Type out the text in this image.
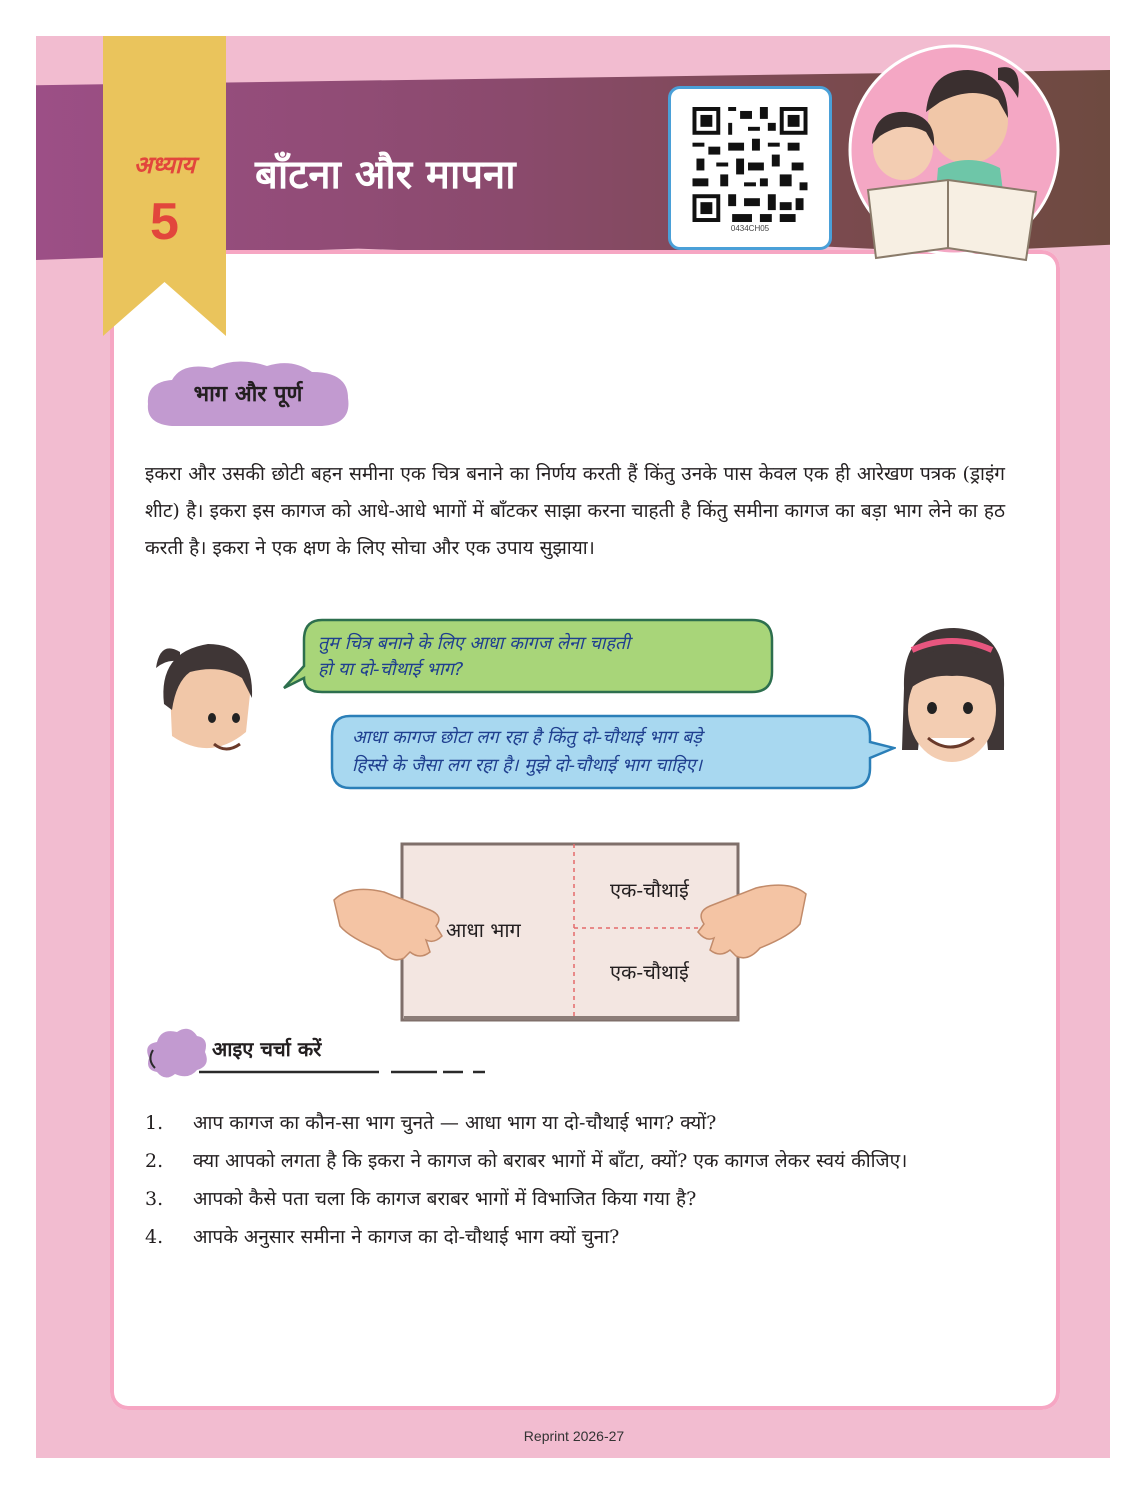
अध्याय
5
बाँटना और मापना
0434CH05
भाग और पूर्ण
इकरा और उसकी छोटी बहन समीना एक चित्र बनाने का निर्णय करती हैं किंतु उनके पास केवल एक ही आरेखण पत्रक (ड्राइंग शीट) है। इकरा इस कागज को आधे-आधे भागों में बाँटकर साझा करना चाहती है किंतु समीना कागज का बड़ा भाग लेने का हठ करती है। इकरा ने एक क्षण के लिए सोचा और एक उपाय सुझाया।
तुम चित्र बनाने के लिए आधा कागज लेना चाहती
हो या दो-चौथाई भाग?
आधा कागज छोटा लग रहा है किंतु दो-चौथाई भाग बड़े
हिस्से के जैसा लग रहा है। मुझे दो-चौथाई भाग चाहिए।
आधा भाग
एक-चौथाई
एक-चौथाई
आइए चर्चा करें
1. आप कागज का कौन-सा भाग चुनते — आधा भाग या दो-चौथाई भाग? क्यों?
2. क्या आपको लगता है कि इकरा ने कागज को बराबर भागों में बाँटा, क्यों? एक कागज लेकर स्वयं कीजिए।
3. आपको कैसे पता चला कि कागज बराबर भागों में विभाजित किया गया है?
4. आपके अनुसार समीना ने कागज का दो-चौथाई भाग क्यों चुना?
Reprint 2026-27
